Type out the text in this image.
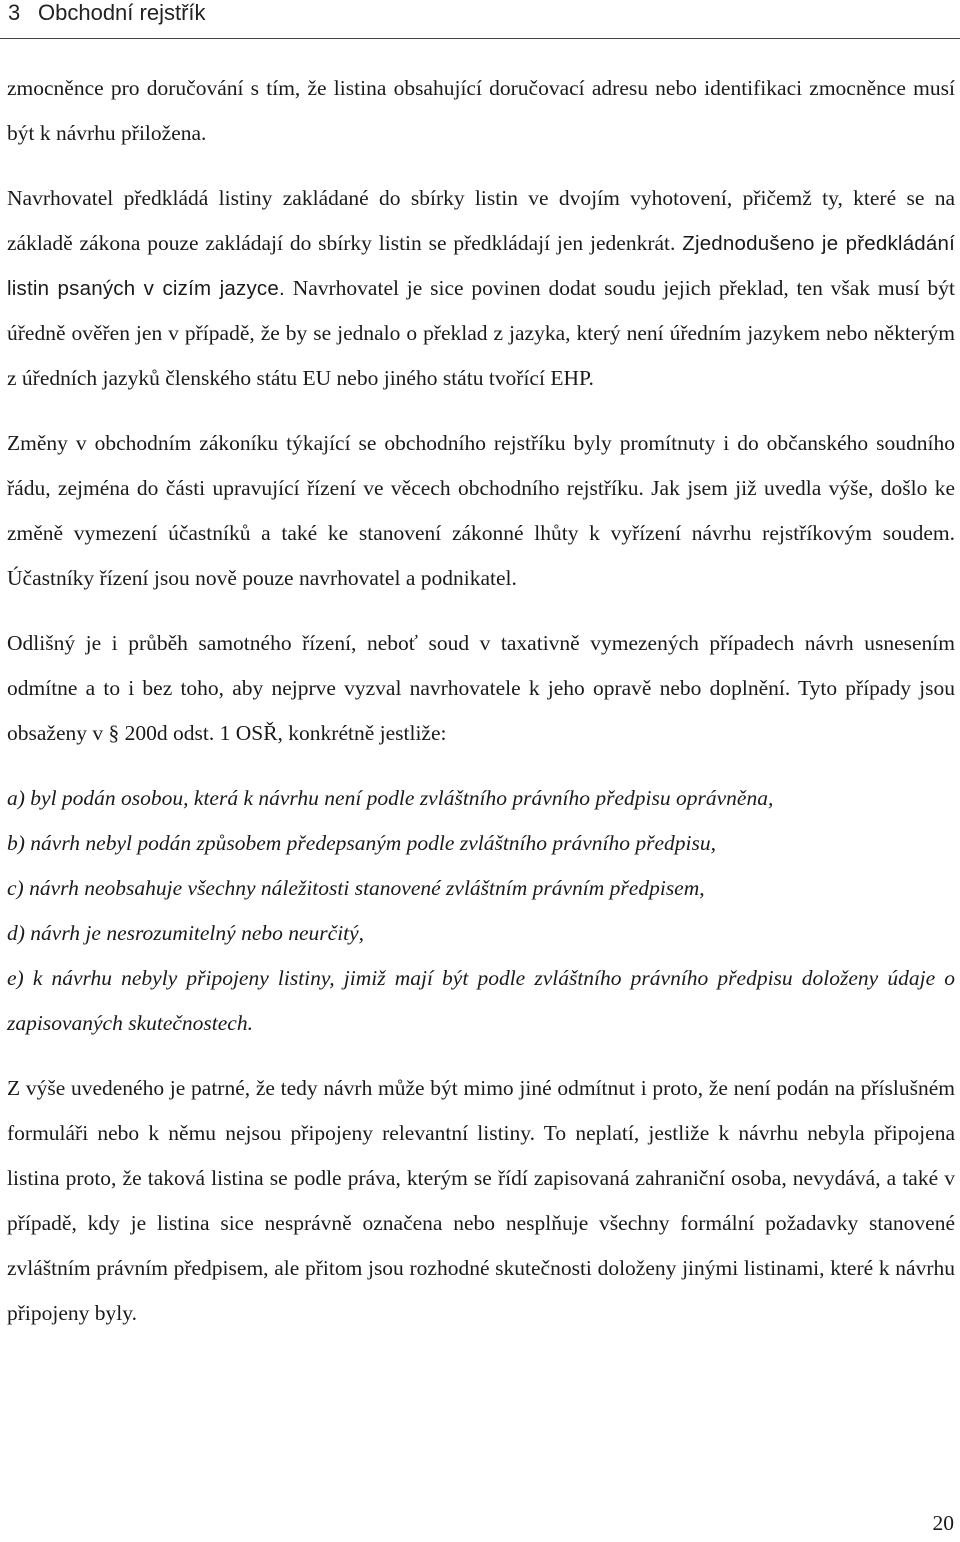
3 Obchodní rejstřík

zmocněnce pro doručování s tím, že listina obsahující doručovací adresu nebo identifikaci zmocněnce musí být k návrhu přiložena.

Navrhovatel předkládá listiny zakládané do sbírky listin ve dvojím vyhotovení, přičemž ty, které se na základě zákona pouze zakládají do sbírky listin se předkládají jen jedenkrát. Zjednodušeno je předkládání listin psaných v cizím jazyce. Navrhovatel je sice povinen dodat soudu jejich překlad, ten však musí být úředně ověřen jen v případě, že by se jednalo o překlad z jazyka, který není úředním jazykem nebo některým z úředních jazyků členského státu EU nebo jiného státu tvořící EHP.

Změny v obchodním zákoníku týkající se obchodního rejstříku byly promítnuty i do občanského soudního řádu, zejména do části upravující řízení ve věcech obchodního rejstříku. Jak jsem již uvedla výše, došlo ke změně vymezení účastníků a také ke stanovení zákonné lhůty k vyřízení návrhu rejstříkovým soudem. Účastníky řízení jsou nově pouze navrhovatel a podnikatel.

Odlišný je i průběh samotného řízení, neboť soud v taxativně vymezených případech návrh usnesením odmítne a to i bez toho, aby nejprve vyzval navrhovatele k jeho opravě nebo doplnění. Tyto případy jsou obsaženy v § 200d odst. 1 OSŘ, konkrétně jestliže:

a) byl podán osobou, která k návrhu není podle zvláštního právního předpisu oprávněna,

b) návrh nebyl podán způsobem předepsaným podle zvláštního právního předpisu,

c) návrh neobsahuje všechny náležitosti stanovené zvláštním právním předpisem,

d) návrh je nesrozumitelný nebo neurčitý,

e) k návrhu nebyly připojeny listiny, jimiž mají být podle zvláštního právního předpisu doloženy údaje o zapisovaných skutečnostech.

Z výše uvedeného je patrné, že tedy návrh může být mimo jiné odmítnut i proto, že není podán na příslušném formuláři nebo k němu nejsou připojeny relevantní listiny. To neplatí, jestliže k návrhu nebyla připojena listina proto, že taková listina se podle práva, kterým se řídí zapisovaná zahraniční osoba, nevydává, a také v případě, kdy je listina sice nesprávně označena nebo nesplňuje všechny formální požadavky stanovené zvláštním právním předpisem, ale přitom jsou rozhodné skutečnosti doloženy jinými listinami, které k návrhu připojeny byly.

20
